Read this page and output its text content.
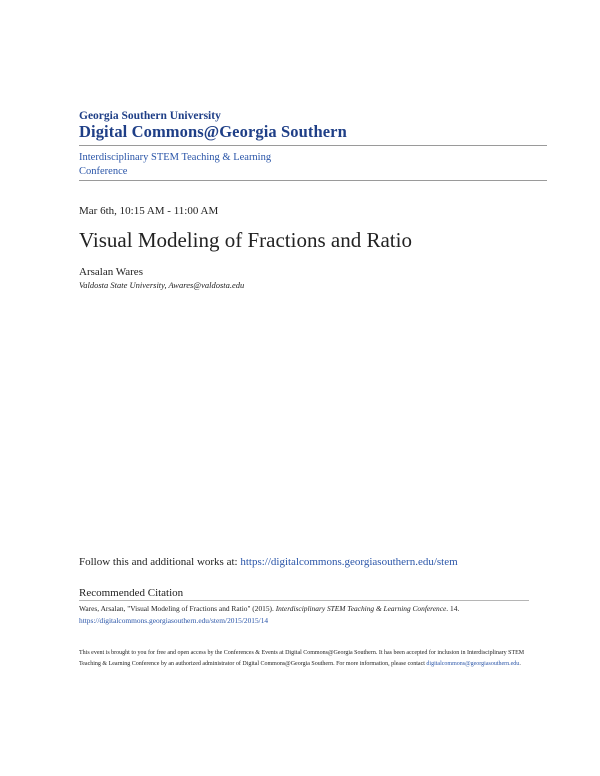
Georgia Southern University
Digital Commons@Georgia Southern
Interdisciplinary STEM Teaching & Learning Conference
Mar 6th, 10:15 AM - 11:00 AM
Visual Modeling of Fractions and Ratio
Arsalan Wares
Valdosta State University, Awares@valdosta.edu
Follow this and additional works at: https://digitalcommons.georgiasouthern.edu/stem
Recommended Citation
Wares, Arsalan, "Visual Modeling of Fractions and Ratio" (2015). Interdisciplinary STEM Teaching & Learning Conference. 14.
https://digitalcommons.georgiasouthern.edu/stem/2015/2015/14
This event is brought to you for free and open access by the Conferences & Events at Digital Commons@Georgia Southern. It has been accepted for inclusion in Interdisciplinary STEM Teaching & Learning Conference by an authorized administrator of Digital Commons@Georgia Southern. For more information, please contact digitalcommons@georgiasouthern.edu.
